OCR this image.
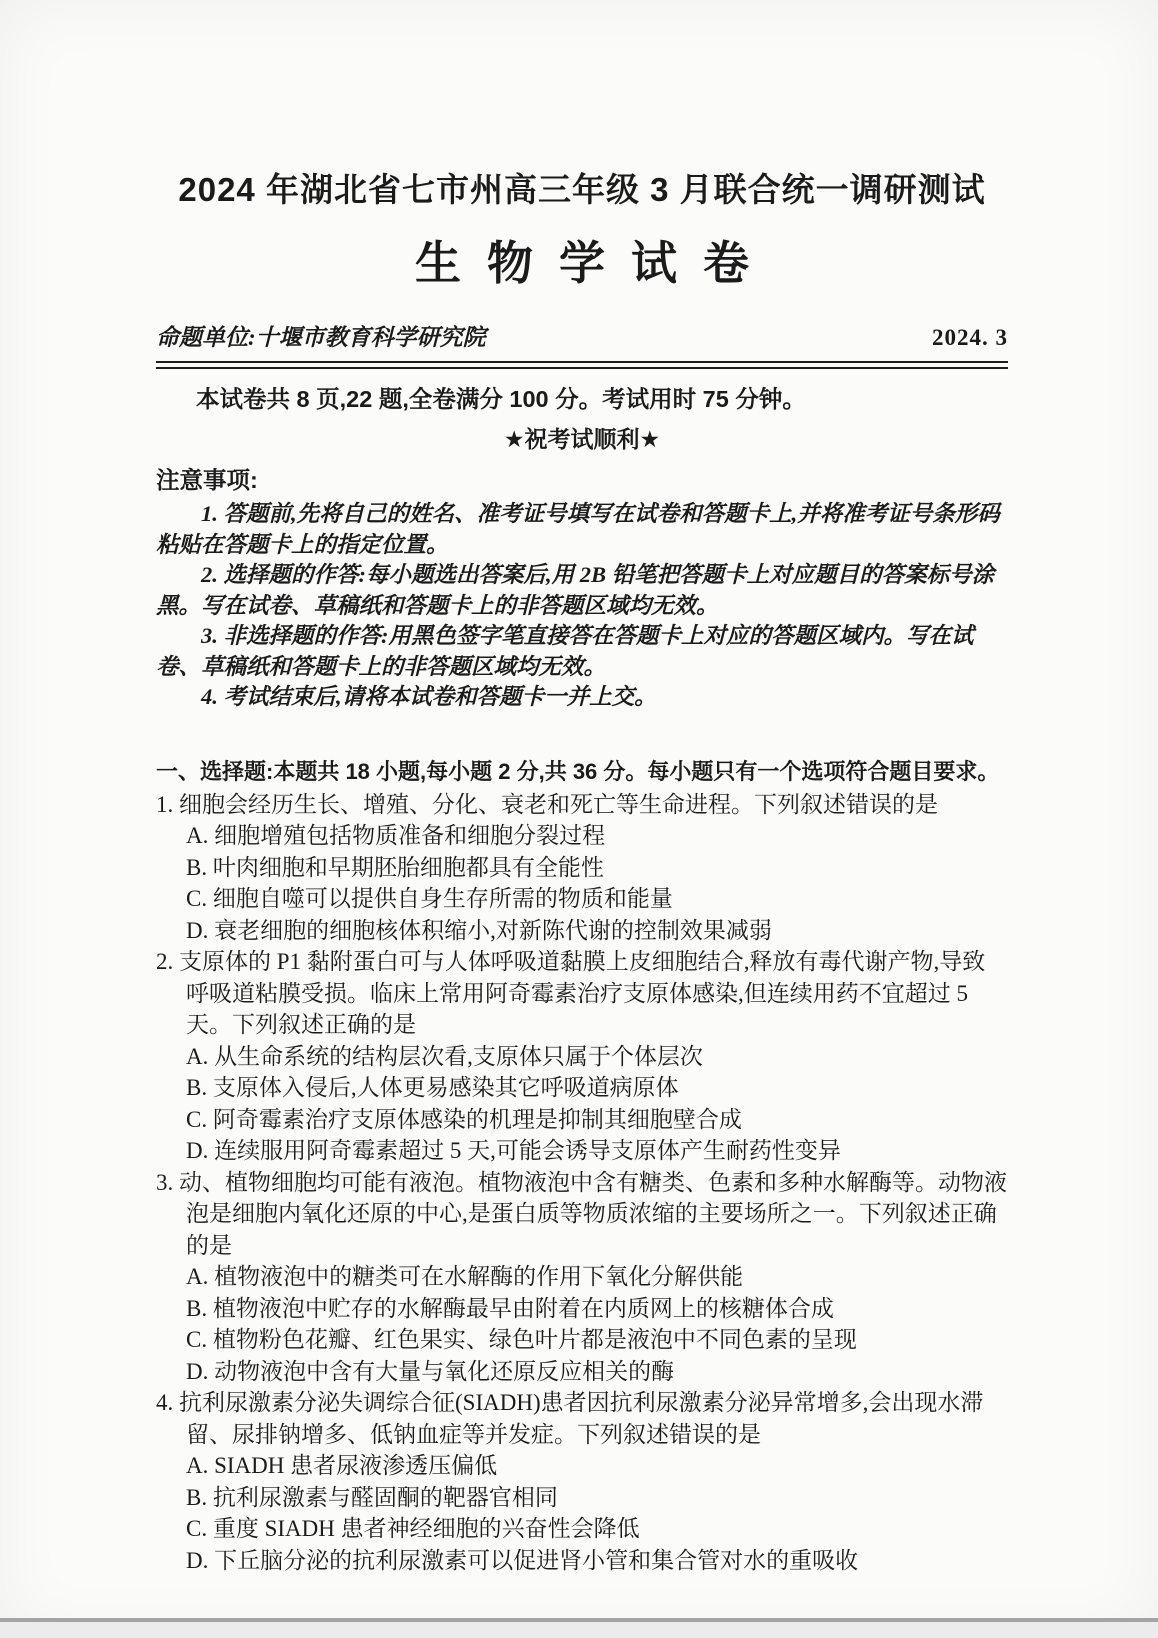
2024 年湖北省七市州高三年级 3 月联合统一调研测试
生物学试卷
命题单位:十堰市教育科学研究院	2024. 3

本试卷共 8 页,22 题,全卷满分 100 分。考试用时 75 分钟。

★祝考试顺利★

注意事项:

1. 答题前,先将自己的姓名、准考证号填写在试卷和答题卡上,并将准考证号条形码粘贴在答题卡上的指定位置。

2. 选择题的作答:每小题选出答案后,用 2B 铅笔把答题卡上对应题目的答案标号涂黑。写在试卷、草稿纸和答题卡上的非答题区域均无效。

3. 非选择题的作答:用黑色签字笔直接答在答题卡上对应的答题区域内。写在试卷、草稿纸和答题卡上的非答题区域均无效。

4. 考试结束后,请将本试卷和答题卡一并上交。

一、选择题:本题共 18 小题,每小题 2 分,共 36 分。每小题只有一个选项符合题目要求。

1. 细胞会经历生长、增殖、分化、衰老和死亡等生命进程。下列叙述错误的是

A. 细胞增殖包括物质准备和细胞分裂过程

B. 叶肉细胞和早期胚胎细胞都具有全能性

C. 细胞自噬可以提供自身生存所需的物质和能量

D. 衰老细胞的细胞核体积缩小,对新陈代谢的控制效果减弱

2. 支原体的 P1 黏附蛋白可与人体呼吸道黏膜上皮细胞结合,释放有毒代谢产物,导致呼吸道粘膜受损。临床上常用阿奇霉素治疗支原体感染,但连续用药不宜超过 5 天。下列叙述正确的是

A. 从生命系统的结构层次看,支原体只属于个体层次

B. 支原体入侵后,人体更易感染其它呼吸道病原体

C. 阿奇霉素治疗支原体感染的机理是抑制其细胞壁合成

D. 连续服用阿奇霉素超过 5 天,可能会诱导支原体产生耐药性变异

3. 动、植物细胞均可能有液泡。植物液泡中含有糖类、色素和多种水解酶等。动物液泡是细胞内氧化还原的中心,是蛋白质等物质浓缩的主要场所之一。下列叙述正确的是

A. 植物液泡中的糖类可在水解酶的作用下氧化分解供能

B. 植物液泡中贮存的水解酶最早由附着在内质网上的核糖体合成

C. 植物粉色花瓣、红色果实、绿色叶片都是液泡中不同色素的呈现

D. 动物液泡中含有大量与氧化还原反应相关的酶

4. 抗利尿激素分泌失调综合征(SIADH)患者因抗利尿激素分泌异常增多,会出现水滞留、尿排钠增多、低钠血症等并发症。下列叙述错误的是

A. SIADH 患者尿液渗透压偏低

B. 抗利尿激素与醛固酮的靶器官相同

C. 重度 SIADH 患者神经细胞的兴奋性会降低

D. 下丘脑分泌的抗利尿激素可以促进肾小管和集合管对水的重吸收
